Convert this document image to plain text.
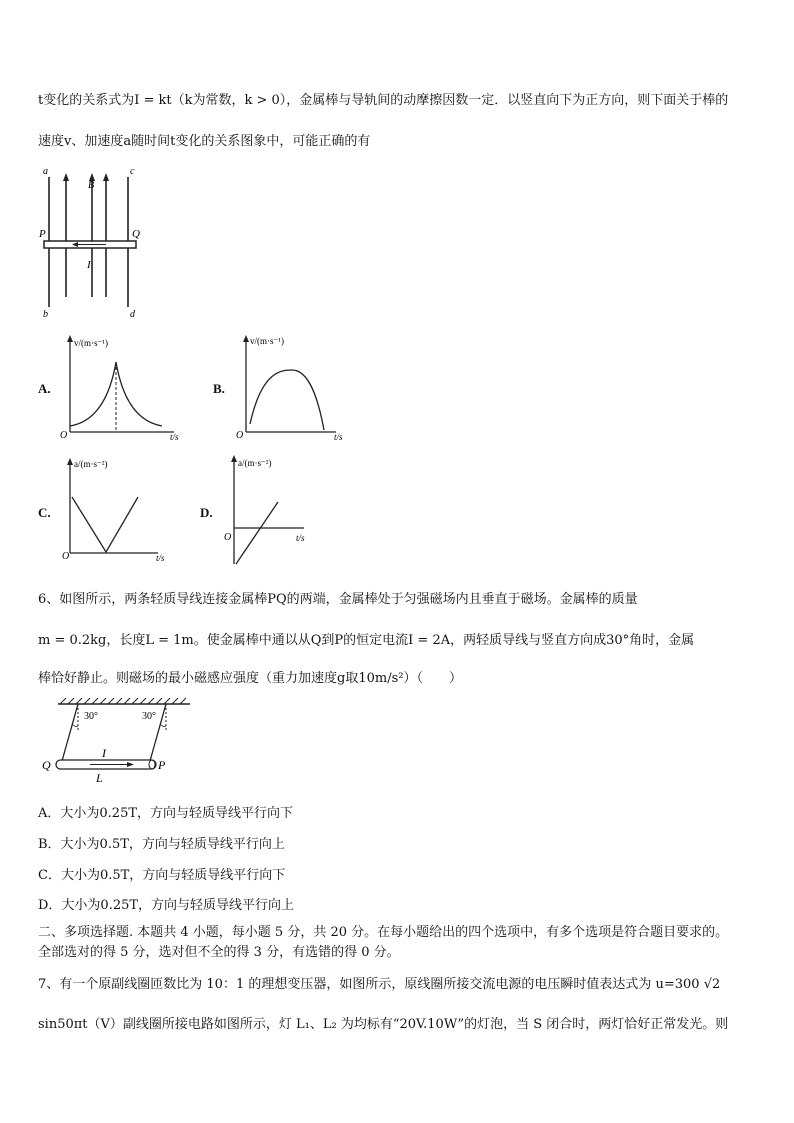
t变化的关系式为I = kt（k为常数，k > 0），金属棒与导轨间的动摩擦因数一定．以竖直向下为正方向，则下面关于棒的
速度v、加速度a随时间t变化的关系图象中，可能正确的有
a	c
B
P	Q
I
b	d
A.
v/(m·s⁻¹)
O	t/s
B.
v/(m·s⁻¹)
O	t/s
C.
a/(m·s⁻²)
O	t/s
D.
a/(m·s⁻²)
O	t/s
6、如图所示，两条轻质导线连接金属棒PQ的两端，金属棒处于匀强磁场内且垂直于磁场。金属棒的质量
m = 0.2kg，长度L = 1m。使金属棒中通以从Q到P的恒定电流I = 2A，两轻质导线与竖直方向成30°角时，金属
棒恰好静止。则磁场的最小磁感应强度（重力加速度g取10m/s²）（　　）
30°	30°
I
L
Q	P
A．大小为0.25T，方向与轻质导线平行向下
B．大小为0.5T，方向与轻质导线平行向上
C．大小为0.5T，方向与轻质导线平行向下
D．大小为0.25T，方向与轻质导线平行向上
二、多项选择题. 本题共 4 小题，每小题 5 分，共 20 分。在每小题给出的四个选项中，有多个选项是符合题目要求的。
全部选对的得 5 分，选对但不全的得 3 分，有选错的得 0 分。
7、有一个原副线圈匝数比为 10：1 的理想变压器，如图所示，原线圈所接交流电源的电压瞬时值表达式为 u=300 √2
sin50πt（V）副线圈所接电路如图所示，灯 L₁、L₂ 为均标有“20V.10W”的灯泡，当 S 闭合时，两灯恰好正常发光。则
